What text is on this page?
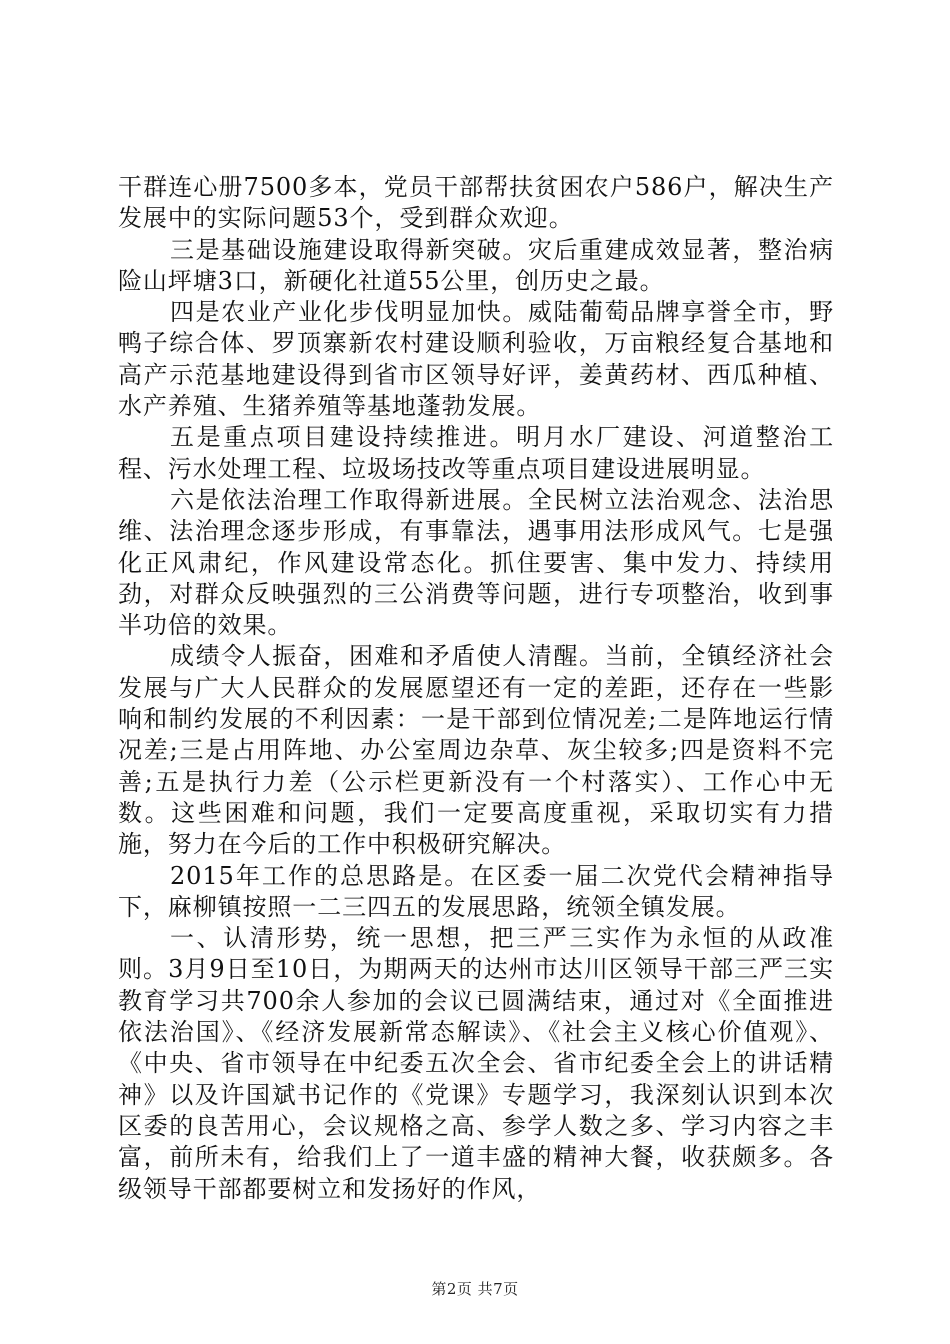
干群连心册7500多本，党员干部帮扶贫困农户586户，解决生产发展中的实际问题53个，受到群众欢迎。

三是基础设施建设取得新突破。灾后重建成效显著，整治病险山坪塘3口，新硬化社道55公里，创历史之最。

四是农业产业化步伐明显加快。威陆葡萄品牌享誉全市，野鸭子综合体、罗顶寨新农村建设顺利验收，万亩粮经复合基地和高产示范基地建设得到省市区领导好评，姜黄药材、西瓜种植、水产养殖、生猪养殖等基地蓬勃发展。

五是重点项目建设持续推进。明月水厂建设、河道整治工程、污水处理工程、垃圾场技改等重点项目建设进展明显。

六是依法治理工作取得新进展。全民树立法治观念、法治思维、法治理念逐步形成，有事靠法，遇事用法形成风气。七是强化正风肃纪，作风建设常态化。抓住要害、集中发力、持续用劲，对群众反映强烈的三公消费等问题，进行专项整治，收到事半功倍的效果。

成绩令人振奋，困难和矛盾使人清醒。当前，全镇经济社会发展与广大人民群众的发展愿望还有一定的差距，还存在一些影响和制约发展的不利因素：一是干部到位情况差;二是阵地运行情况差;三是占用阵地、办公室周边杂草、灰尘较多;四是资料不完善;五是执行力差（公示栏更新没有一个村落实）、工作心中无数。这些困难和问题，我们一定要高度重视，采取切实有力措施，努力在今后的工作中积极研究解决。

2015年工作的总思路是。在区委一届二次党代会精神指导下，麻柳镇按照一二三四五的发展思路，统领全镇发展。

一、认清形势，统一思想，把三严三实作为永恒的从政准则。3月9日至10日，为期两天的达州市达川区领导干部三严三实教育学习共700余人参加的会议已圆满结束，通过对《全面推进依法治国》、《经济发展新常态解读》、《社会主义核心价值观》、《中央、省市领导在中纪委五次全会、省市纪委全会上的讲话精神》以及许国斌书记作的《党课》专题学习，我深刻认识到本次区委的良苦用心，会议规格之高、参学人数之多、学习内容之丰富，前所未有，给我们上了一道丰盛的精神大餐，收获颇多。各级领导干部都要树立和发扬好的作风，

第2页 共7页
